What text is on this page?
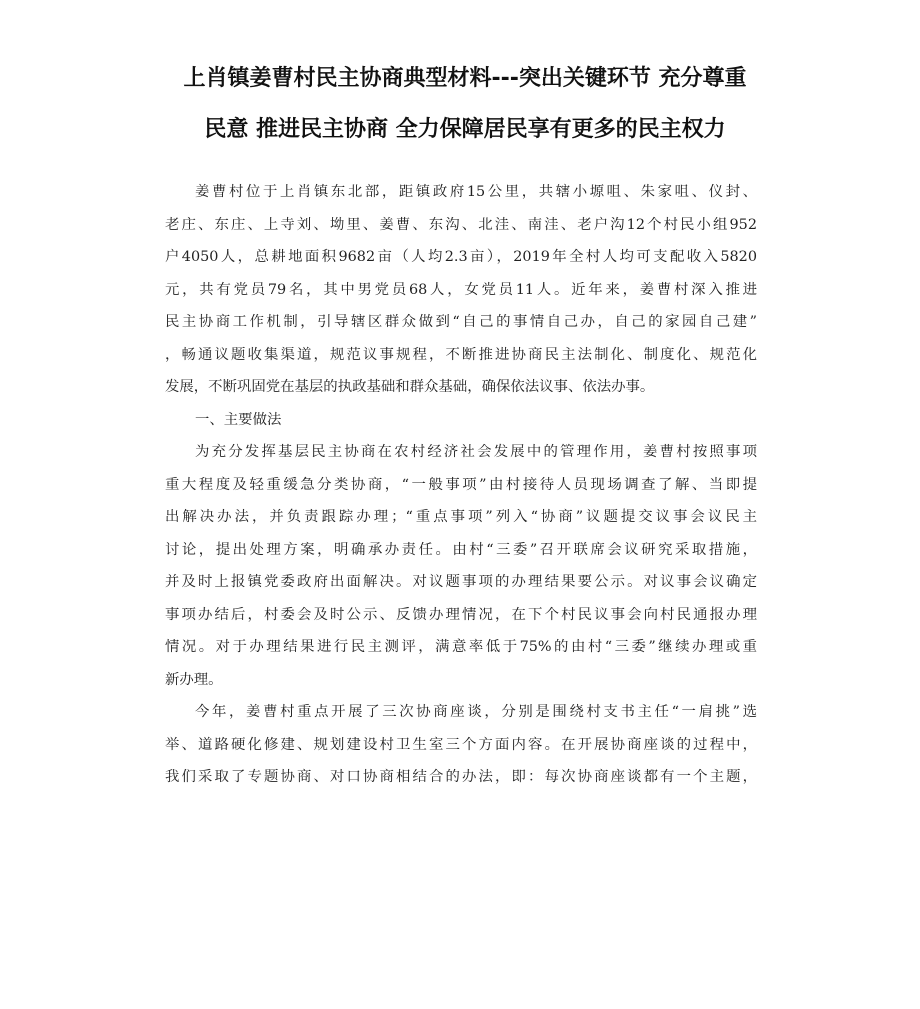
上肖镇姜曹村民主协商典型材料---突出关键环节 充分尊重
民意 推进民主协商 全力保障居民享有更多的民主权力
姜曹村位于上肖镇东北部，距镇政府15公里，共辖小塬咀、朱家咀、仪封、
老庄、东庄、上寺刘、坳里、姜曹、东沟、北洼、南洼、老户沟12个村民小组952
户4050人，总耕地面积9682亩（人均2.3亩），2019年全村人均可支配收入5820
元，共有党员79名，其中男党员68人，女党员11人。近年来，姜曹村深入推进
民主协商工作机制，引导辖区群众做到“自己的事情自己办，自己的家园自己建”
，畅通议题收集渠道，规范议事规程，不断推进协商民主法制化、制度化、规范化
发展，不断巩固党在基层的执政基础和群众基础，确保依法议事、依法办事。
一、主要做法
为充分发挥基层民主协商在农村经济社会发展中的管理作用，姜曹村按照事项
重大程度及轻重缓急分类协商，“一般事项”由村接待人员现场调查了解、当即提
出解决办法，并负责跟踪办理；“重点事项”列入“协商”议题提交议事会议民主
讨论，提出处理方案，明确承办责任。由村“三委”召开联席会议研究采取措施，
并及时上报镇党委政府出面解决。对议题事项的办理结果要公示。对议事会议确定
事项办结后，村委会及时公示、反馈办理情况，在下个村民议事会向村民通报办理
情况。对于办理结果进行民主测评，满意率低于75%的由村“三委”继续办理或重
新办理。
今年，姜曹村重点开展了三次协商座谈，分别是围绕村支书主任“一肩挑”选
举、道路硬化修建、规划建设村卫生室三个方面内容。在开展协商座谈的过程中，
我们采取了专题协商、对口协商相结合的办法，即：每次协商座谈都有一个主题，
